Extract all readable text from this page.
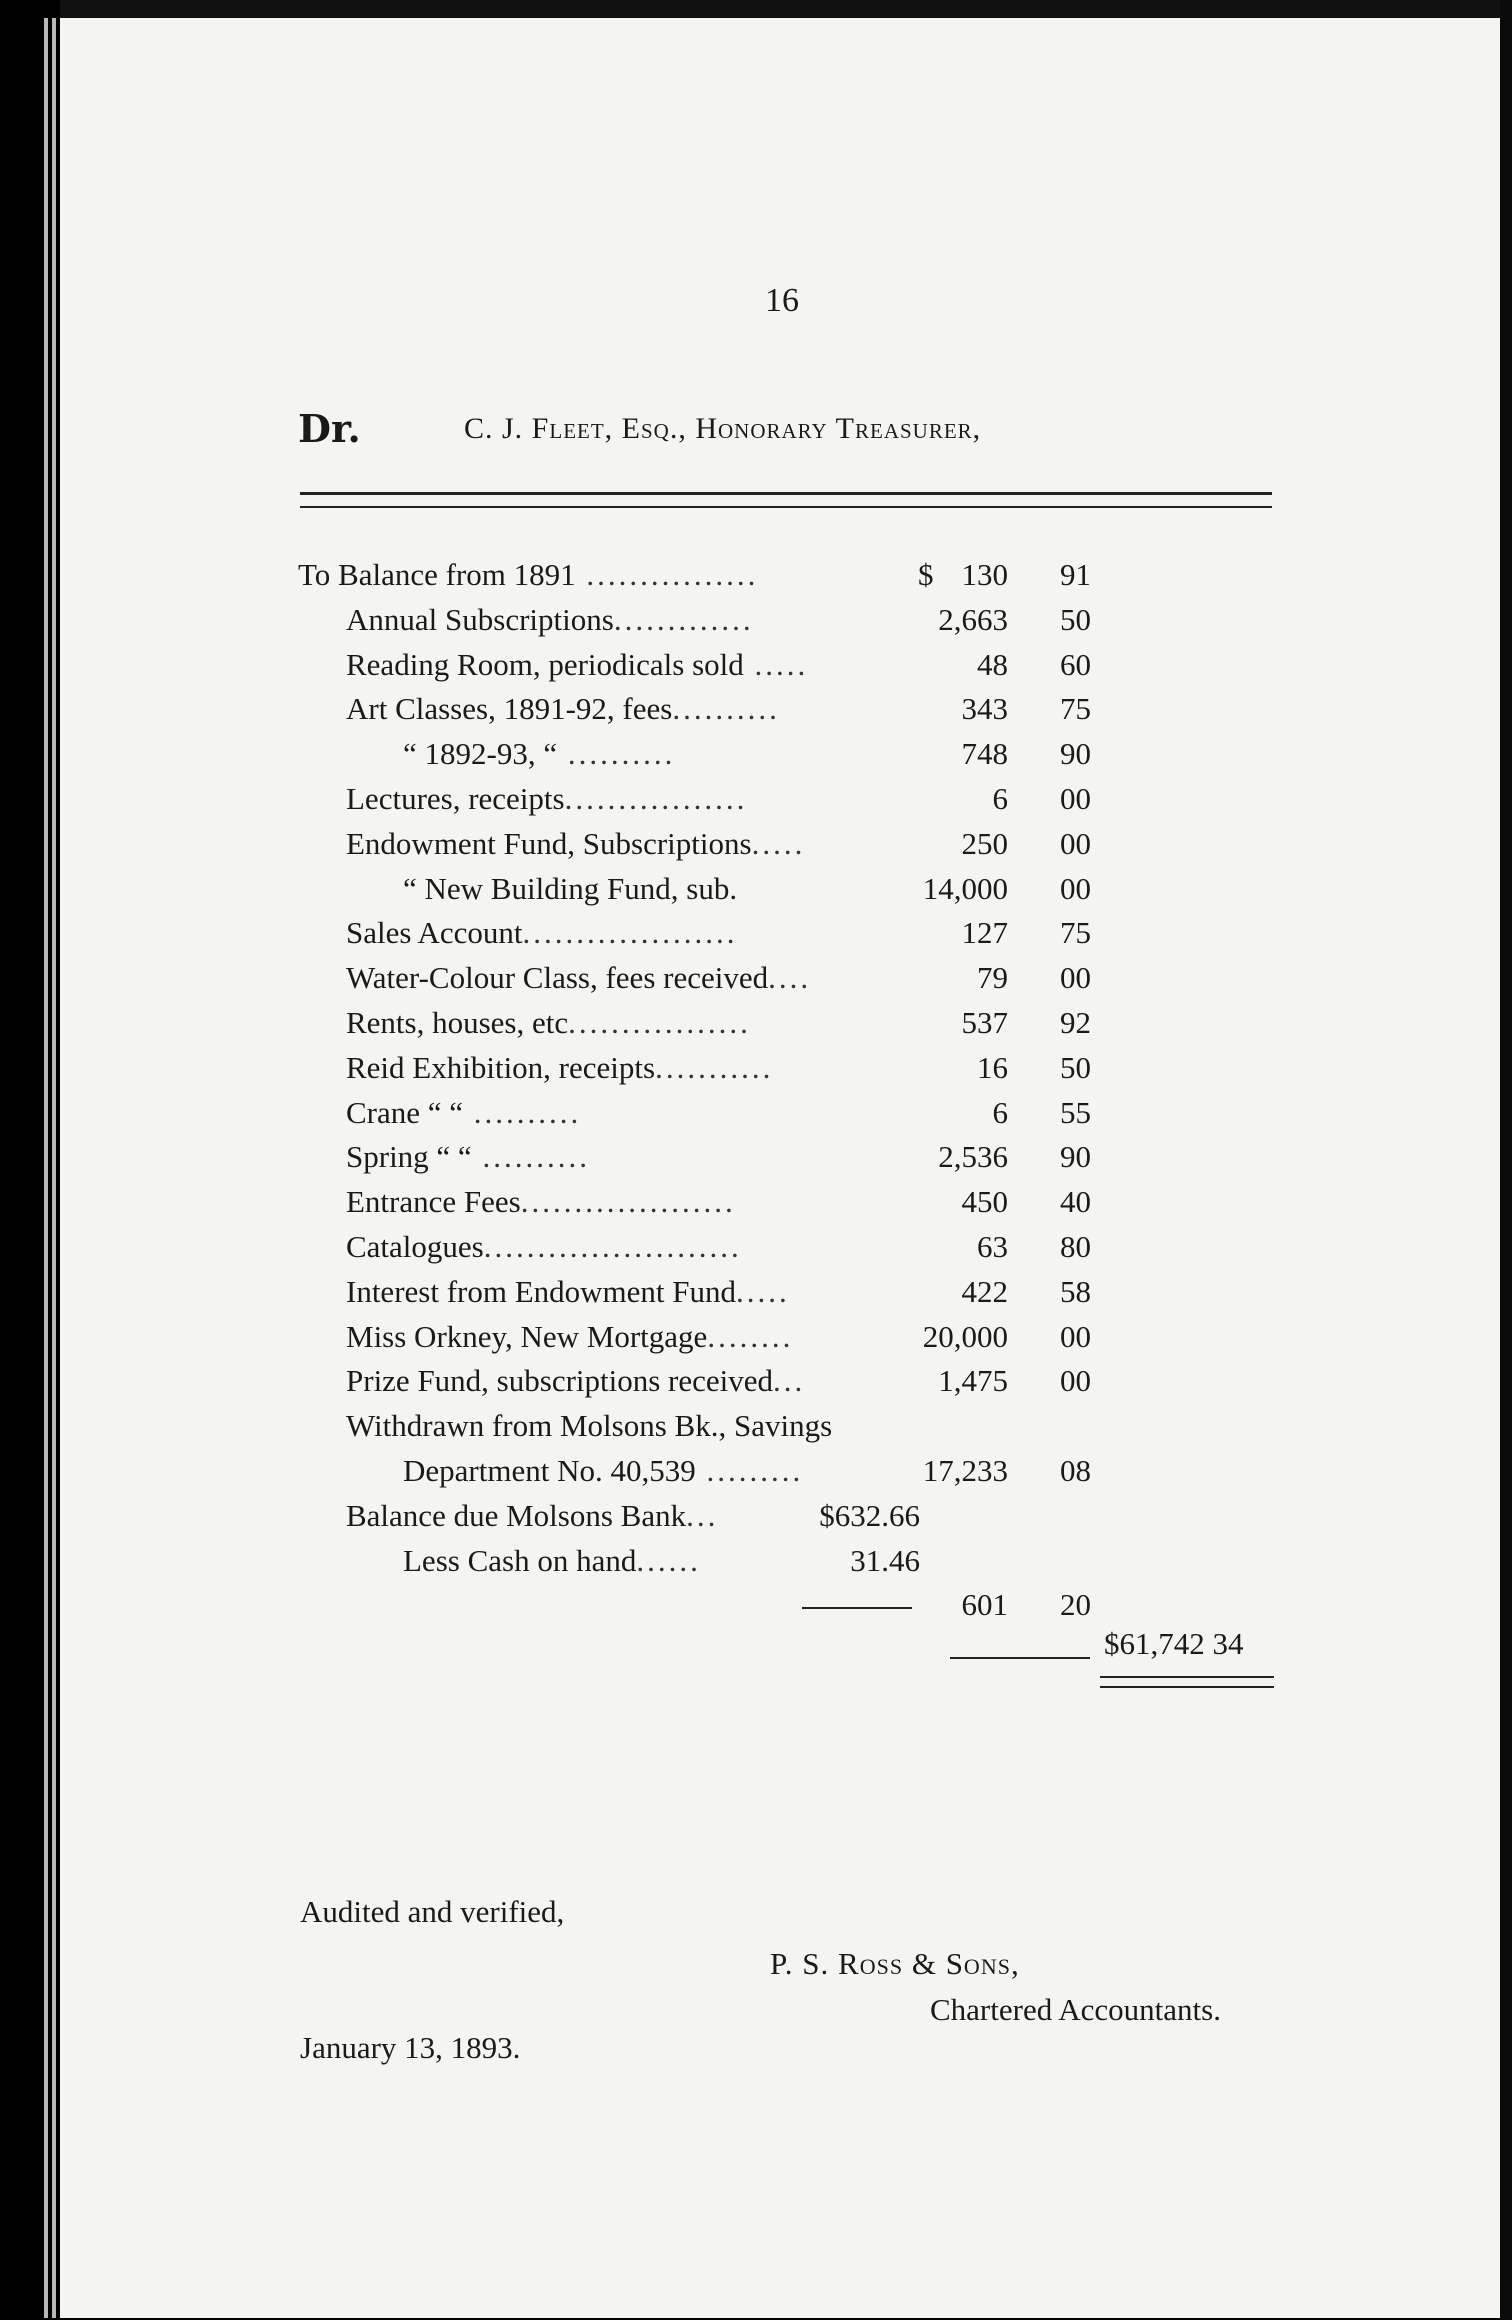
16
Dr.	C. J. Fleet, Esq., Honorary Treasurer,
To Balance from 1891 ................	$ 130 91
Annual Subscriptions.............	2,663 50
Reading Room, periodicals sold .....	48 60
Art Classes, 1891-92, fees..........	343 75
“ 1892-93, “ ..........	748 90
Lectures, receipts.................	6 00
Endowment Fund, Subscriptions.....	250 00
“ New Building Fund, sub.	14,000 00
Sales Account....................	127 75
Water-Colour Class, fees received....	79 00
Rents, houses, etc.................	537 92
Reid Exhibition, receipts...........	16 50
Crane “ “ ..........	6 55
Spring “ “ ..........	2,536 90
Entrance Fees....................	450 40
Catalogues........................	63 80
Interest from Endowment Fund.....	422 58
Miss Orkney, New Mortgage........	20,000 00
Prize Fund, subscriptions received...	1,475 00
Withdrawn from Molsons Bk., Savings
Department No. 40,539 .........	17,233 08
Balance due Molsons Bank...	$632.66
Less Cash on hand......	31.46
601 20
$61,742 34
Audited and verified,
P. S. Ross & Sons,
Chartered Accountants.
January 13, 1893.
